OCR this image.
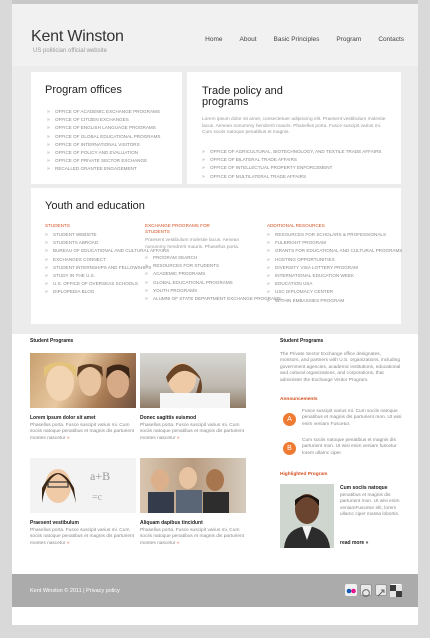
Kent Winston
US politician official website
Home	About	Basic Principles	Program	Contacts
Program offices
» OFFICE OF ACADEMIC EXCHANGE PROGRAMS
» OFFICE OF CITIZEN EXCHANGES
» OFFICE OF ENGLISH LANGUAGE PROGRAMS
» OFFICE OF GLOBAL EDUCATIONAL PROGRAMS
» OFFICE OF INTERNATIONAL VISITORS
» OFFICE OF POLICY AND EVALUATION
» OFFICE OF PRIVATE SECTOR EXCHANGE
» RECALLED GRANTEE ENGAGEMENT
Trade policy and programs
Lorem ipsum dolor sit amet, consectetuer adipiscing elit. Praesent vestibulum molestie lacus. Aenean nonummy hendrerit mauris. Phasellus porta. Fusce suscipit varius mi. Cum sociis natoque penatibus et magnis.
» OFFICE OF AGRICULTURAL, BIOTECHNOLOGY, AND TEXTILE TRADE AFFAIRS
» OFFICE OF BILATERAL TRADE AFFAIRS
» OFFICE OF INTELLECTUAL PROPERTY ENFORCEMENT
» OFFICE OF MULTILATERAL TRADE AFFAIRS
Youth and education
STUDENTS
» STUDENT WEBSITE
» STUDENTS ABROAD
» BUREAU OF EDUCATIONAL AND CULTURAL AFFAIRS
» EXCHANGES CONNECT
» STUDENT INTERNSHIPS AND FELLOWSHIPS
» STUDY IN THE U.S.
» U.S. OFFICE OF OVERSEAS SCHOOLS
» DIPLOPEDIA BLOG
EXCHANGE PROGRAMS FOR STUDENTS
Praesent vestibulum molestie lacus. Aenean nonummy hendrerit mauris. Phasellus porta.
» PROGRAM SEARCH
» RESOURCES FOR STUDENTS
» ACADEMIC PROGRAMS
» GLOBAL EDUCATIONAL PROGRAMS
» YOUTH PROGRAMS
» ALUMNI OF STATE DEPARTMENT EXCHANGE PROGRAMS
ADDITIONAL RESOURCES
» RESOURCES FOR SCHOLARS & PROFESSIONALS
» FULBRIGHT PROGRAM
» GRANTS FOR EDUCATIONAL AND CULTURAL PROGRAMS
» HOSTING OPPORTUNITIES
» DIVERSITY VISA LOTTERY PROGRAM
» INTERNATIONAL EDUCATION WEEK
» EDUCATION USA
» USC DIPLOMACY CENTER
» WITHIN EMBASSIES PROGRAM
Student Programs
Lorem ipsum dolor sit amet
Phasellus porta. Fusce suscipit varius mi. Cum sociis natoque penatibus et magnis dis parturient montes nascetur »
Donec sagittis euismod
Phasellus porta. Fusce suscipit varius mi. Cum sociis natoque penatibus et magnis dis parturient montes nascetur »
a+B
=c
Praesent vestibulum
Phasellus porta. Fusce suscipit varius mi. Cum sociis natoque penatibus et magnis dis parturient montes nascetur »
Aliquam dapibus tincidunt
Phasellus porta. Fusce suscipit varius mi. Cum sociis natoque penatibus et magnis dis parturient montes nascetur »
Student Programs
The Private Sector Exchange office designates, monitors, and partners with U.S. organizations, including government agencies, academic institutions, educational and cultural organizations, and corporations, that administer the Exchange Visitor Program.
Announcements
A
Fusce suscipit varius mi. Cum sociis natoque penatibus et magnis dis parturient mon. Ut wisi enim veniam Fuscetur.
B
Cum sociis natoque penatibus et magnis dis parturient mon. Ut wisi enim veniam fuscetur lorem ullamc ciper.
Highlighted Program
Cum sociis natoque
penatibus et magnis dis parturient mon. Ut wisi enim veniamFuscetur elit, lorem ullamc ciper massa lobortis.
read more »
Kent Winston © 2011 | Privacy policy
